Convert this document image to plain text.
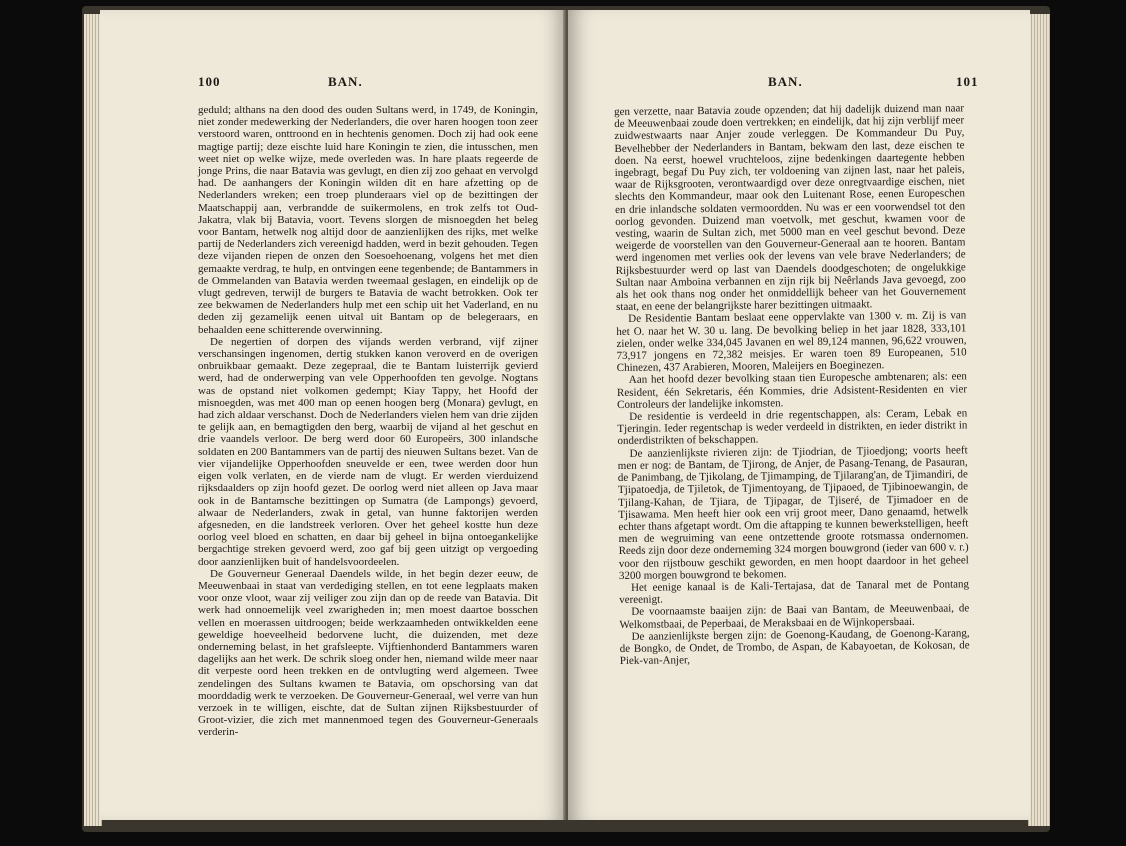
100	BAN.

geduld; althans na den dood des ouden Sultans werd, in 1749, de Koningin, niet zonder medewerking der Nederlanders, die over haren hoogen toon zeer verstoord waren, onttroond en in hechtenis genomen. Doch zij had ook eene magtige partij; deze eischte luid hare Koningin te zien, die intusschen, men weet niet op welke wijze, mede overleden was. In hare plaats regeerde de jonge Prins, die naar Batavia was gevlugt, en dien zij zoo gehaat en vervolgd had. De aanhangers der Koningin wilden dit en hare afzetting op de Nederlanders wreken; een troep plunderaars viel op de bezittingen der Maatschappij aan, verbrandde de suikermolens, en trok zelfs tot Oud-Jakatra, vlak bij Batavia, voort. Tevens slorgen de misnoegden het beleg voor Bantam, hetwelk nog altijd door de aanzienlijken des rijks, met welke partij de Nederlanders zich vereenigd hadden, werd in bezit gehouden. Tegen deze vijanden riepen de onzen den Soesoehoenang, volgens het met dien gemaakte verdrag, te hulp, en ontvingen eene tegenbende; de Bantammers in de Ommelanden van Batavia werden tweemaal geslagen, en eindelijk op de vlugt gedreven, terwijl de burgers te Batavia de wacht betrokken. Ook ter zee bekwamen de Nederlanders hulp met een schip uit het Vaderland, en nu deden zij gezamelijk eenen uitval uit Bantam op de belegeraars, en behaalden eene schitterende overwinning.

De negertien of dorpen des vijands werden verbrand, vijf zijner verschansingen ingenomen, dertig stukken kanon veroverd en de overigen onbruikbaar gemaakt. Deze zegepraal, die te Bantam luisterrijk gevierd werd, had de onderwerping van vele Opperhoofden ten gevolge. Nogtans was de opstand niet volkomen gedempt; Kiay Tappy, het Hoofd der misnoegden, was met 400 man op eenen hoogen berg (Monara) gevlugt, en had zich aldaar verschanst. Doch de Nederlanders vielen hem van drie zijden te gelijk aan, en bemagtigden den berg, waarbij de vijand al het geschut en drie vaandels verloor. De berg werd door 60 Europeërs, 300 inlandsche soldaten en 200 Bantammers van de partij des nieuwen Sultans bezet. Van de vier vijandelijke Opperhoofden sneuvelde er een, twee werden door hun eigen volk verlaten, en de vierde nam de vlugt. Er werden vierduizend rijksdaalders op zijn hoofd gezet. De oorlog werd niet alleen op Java maar ook in de Bantamsche bezittingen op Sumatra (de Lampongs) gevoerd, alwaar de Nederlanders, zwak in getal, van hunne faktorijen werden afgesneden, en die landstreek verloren. Over het geheel kostte hun deze oorlog veel bloed en schatten, en daar bij geheel in bijna ontoegankelijke bergachtige streken gevoerd werd, zoo gaf bij geen uitzigt op vergoeding door aanzienlijken buit of handelsvoordeelen.

De Gouverneur Generaal Daendels wilde, in het begin dezer eeuw, de Meeuwenbaai in staat van verdediging stellen, en tot eene legplaats maken voor onze vloot, waar zij veiliger zou zijn dan op de reede van Batavia. Dit werk had onnoemelijk veel zwarigheden in; men moest daartoe bosschen vellen en moerassen uitdroogen; beide werkzaamheden ontwikkelden eene geweldige hoeveelheid bedorvene lucht, die duizenden, met deze onderneming belast, in het grafsleepte. Vijftienhonderd Bantammers waren dagelijks aan het werk. De schrik sloeg onder hen, niemand wilde meer naar dit verpeste oord heen trekken en de ontvlugting werd algemeen. Twee zendelingen des Sultans kwamen te Batavia, om opschorsing van dat moorddadig werk te verzoeken. De Gouverneur-Generaal, wel verre van hun verzoek in te willigen, eischte, dat de Sultan zijnen Rijksbestuurder of Groot-vizier, die zich met mannenmoed tegen des Gouverneur-Generaals verderin-

BAN.	101

gen verzette, naar Batavia zoude opzenden; dat hij dadelijk duizend man naar de Meeuwenbaai zoude doen vertrekken; en eindelijk, dat hij zijn verblijf meer zuidwestwaarts naar Anjer zoude verleggen. De Kommandeur Du Puy, Bevelhebber der Nederlanders in Bantam, bekwam den last, deze eischen te doen. Na eerst, hoewel vruchteloos, zijne bedenkingen daartegente hebben ingebragt, begaf Du Puy zich, ter voldoening van zijnen last, naar het paleis, waar de Rijksgrooten, verontwaardigd over deze onregtvaardige eischen, niet slechts den Kommandeur, maar ook den Luitenant Rose, eenen Europeschen en drie inlandsche soldaten vermoordden. Nu was er een voorwendsel tot den oorlog gevonden. Duizend man voetvolk, met geschut, kwamen voor de vesting, waarin de Sultan zich, met 5000 man en veel geschut bevond. Deze weigerde de voorstellen van den Gouverneur-Generaal aan te hooren. Bantam werd ingenomen met verlies ook der levens van vele brave Nederlanders; de Rijksbestuurder werd op last van Daendels doodgeschoten; de ongelukkige Sultan naar Amboina verbannen en zijn rijk bij Neêrlands Java gevoegd, zoo als het ook thans nog onder het onmiddellijk beheer van het Gouvernement staat, en eene der belangrijkste harer bezittingen uitmaakt.

De Residentie Bantam beslaat eene oppervlakte van 1300 v. m. Zij is van het O. naar het W. 30 u. lang. De bevolking beliep in het jaar 1828, 333,101 zielen, onder welke 334,045 Javanen en wel 89,124 mannen, 96,622 vrouwen, 73,917 jongens en 72,382 meisjes. Er waren toen 89 Europeanen, 510 Chinezen, 437 Arabieren, Mooren, Maleijers en Boeginezen.

Aan het hoofd dezer bevolking staan tien Europesche ambtenaren; als: een Resident, één Sekretaris, één Kommies, drie Adsistent-Residenten en vier Controleurs der landelijke inkomsten.

De residentie is verdeeld in drie regentschappen, als: Ceram, Lebak en Tjeringin. Ieder regentschap is weder verdeeld in distrikten, en ieder distrikt in onderdistrikten of bekschappen.

De aanzienlijkste rivieren zijn: de Tjiodrian, de Tjioedjong; voorts heeft men er nog: de Bantam, de Tjirong, de Anjer, de Pasang-Tenang, de Pasauran, de Panimbang, de Tjikolang, de Tjimamping, de Tjilarang'an, de Tjimandiri, de Tjipatoedja, de Tjiletok, de Tjimentoyang, de Tjipaoed, de Tjibinoewangin, de Tjilang-Kahan, de Tjiara, de Tjipagar, de Tjiseré, de Tjimadoer en de Tjisawama. Men heeft hier ook een vrij groot meer, Dano genaamd, hetwelk echter thans afgetapt wordt. Om die aftapping te kunnen bewerkstelligen, heeft men de wegruiming van eene ontzettende groote rotsmassa ondernomen. Reeds zijn door deze onderneming 324 morgen bouwgrond (ieder van 600 v. r.) voor den rijstbouw geschikt geworden, en men hoopt daardoor in het geheel 3200 morgen bouwgrond te bekomen.

Het eenige kanaal is de Kali-Tertajasa, dat de Tanaral met de Pontang vereenigt.

De voornaamste baaijen zijn: de Baai van Bantam, de Meeuwenbaai, de Welkomstbaai, de Peperbaai, de Meraksbaai en de Wijnkopersbaai.

De aanzienlijkste bergen zijn: de Goenong-Kaudang, de Goenong-Karang, de Bongko, de Ondet, de Trombo, de Aspan, de Kabayoetan, de Kokosan, de Piek-van-Anjer,
